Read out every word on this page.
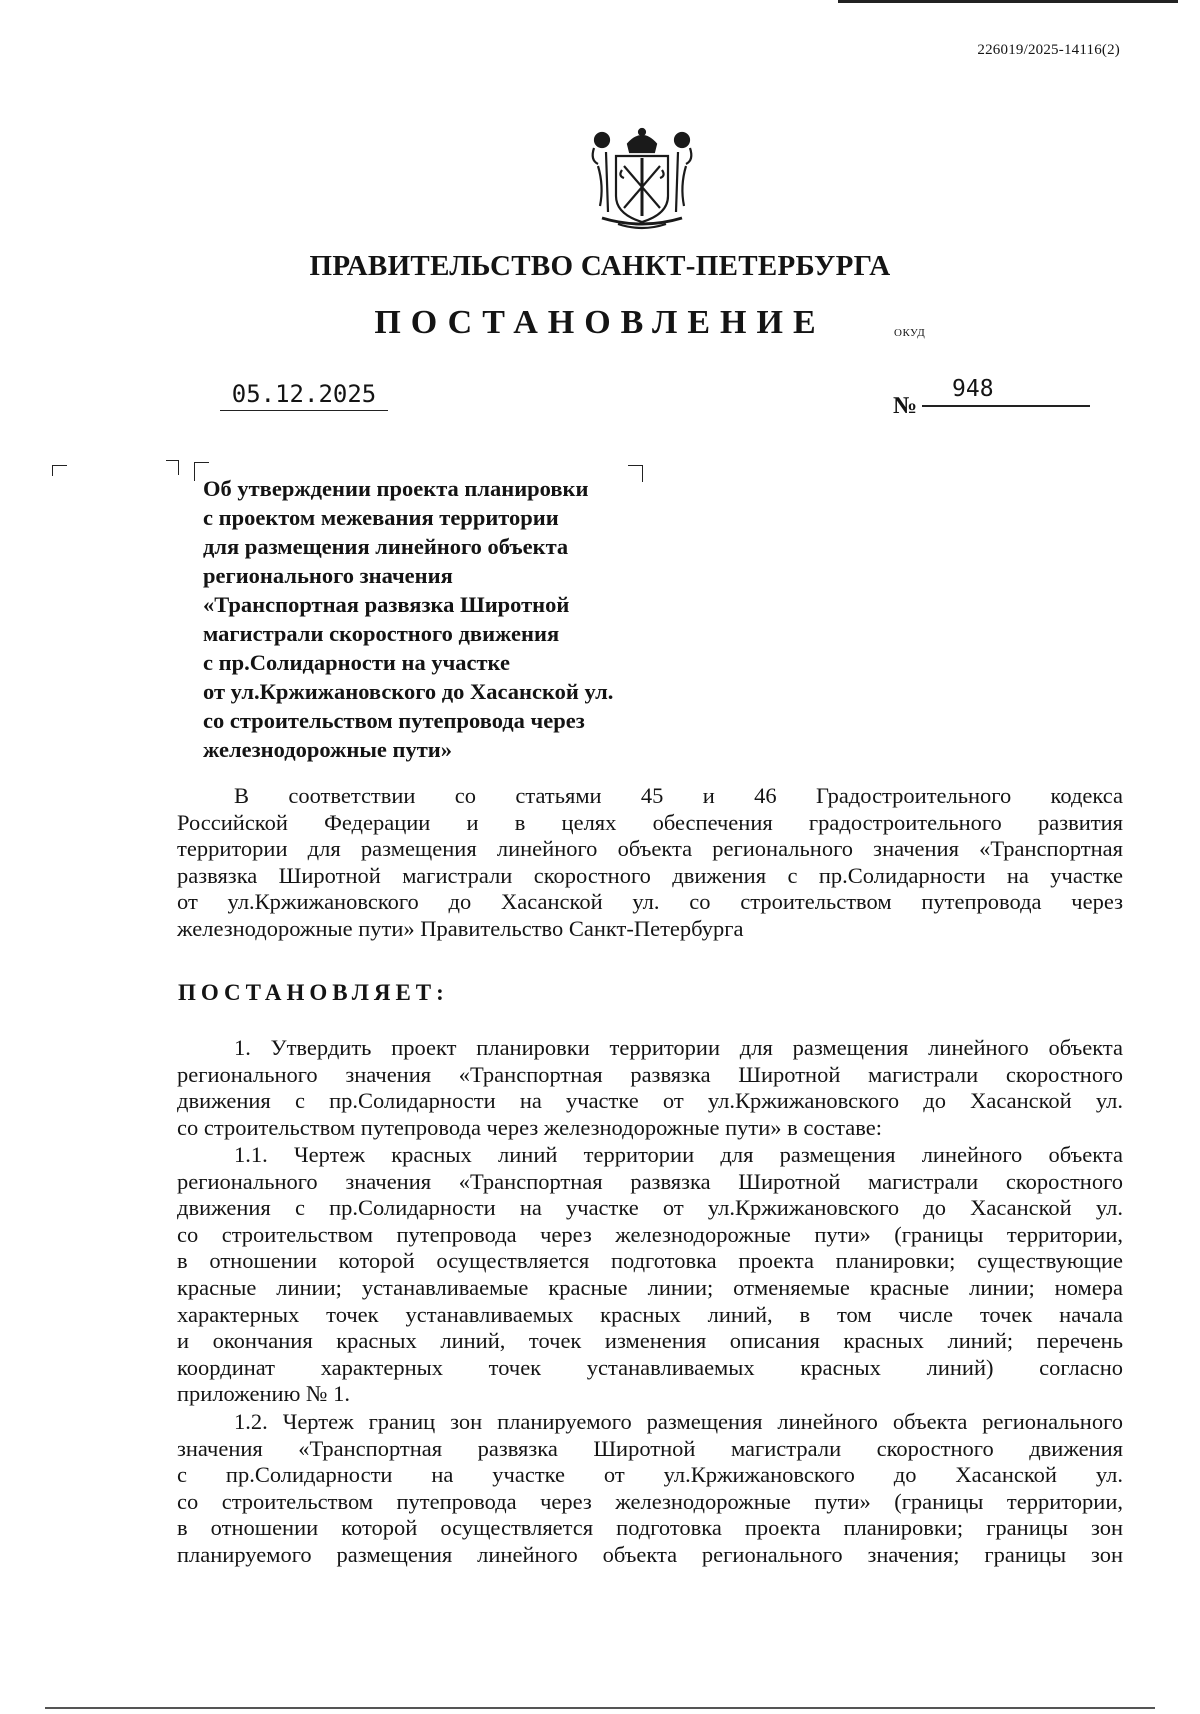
226019/2025-14116(2)
ПРАВИТЕЛЬСТВО САНКТ-ПЕТЕРБУРГА
ПОСТАНОВЛЕНИЕ	ОКУД
05.12.2025	№
948
Об утверждении проекта планировки
с проектом межевания территории
для размещения линейного объекта
регионального значения
«Транспортная развязка Широтной
магистрали скоростного движения
с пр.Солидарности на участке
от ул.Кржижановского до Хасанской ул.
со строительством путепровода через
железнодорожные пути»
В соответствии со статьями 45 и 46 Градостроительного кодекса
Российской Федерации и в целях обеспечения градостроительного развития
территории для размещения линейного объекта регионального значения «Транспортная
развязка Широтной магистрали скоростного движения с пр.Солидарности на участке
от ул.Кржижановского до Хасанской ул. со строительством путепровода через
железнодорожные пути» Правительство Санкт-Петербурга
ПОСТАНОВЛЯЕТ:
1. Утвердить проект планировки территории для размещения линейного объекта
регионального значения «Транспортная развязка Широтной магистрали скоростного
движения с пр.Солидарности на участке от ул.Кржижановского до Хасанской ул.
со строительством путепровода через железнодорожные пути» в составе:
1.1. Чертеж красных линий территории для размещения линейного объекта
регионального значения «Транспортная развязка Широтной магистрали скоростного
движения с пр.Солидарности на участке от ул.Кржижановского до Хасанской ул.
со строительством путепровода через железнодорожные пути» (границы территории,
в отношении которой осуществляется подготовка проекта планировки; существующие
красные линии; устанавливаемые красные линии; отменяемые красные линии; номера
характерных точек устанавливаемых красных линий, в том числе точек начала
и окончания красных линий, точек изменения описания красных линий; перечень
координат характерных точек устанавливаемых красных линий) согласно
приложению № 1.
1.2. Чертеж границ зон планируемого размещения линейного объекта регионального
значения «Транспортная развязка Широтной магистрали скоростного движения
с пр.Солидарности на участке от ул.Кржижановского до Хасанской ул.
со строительством путепровода через железнодорожные пути» (границы территории,
в отношении которой осуществляется подготовка проекта планировки; границы зон
планируемого размещения линейного объекта регионального значения; границы зон
